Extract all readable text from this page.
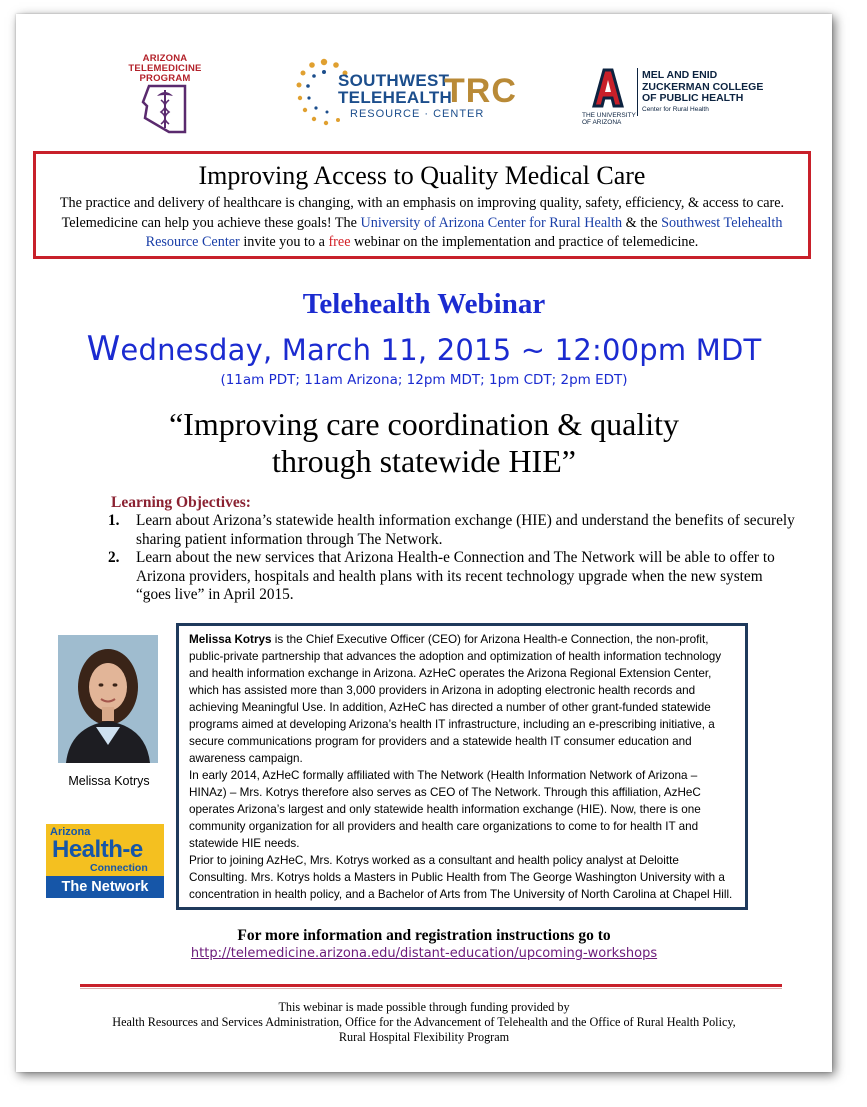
ARIZONA
TELEMEDICINE
PROGRAM	SOUTHWEST
TELEHEALTH
TRC
RESOURCE · CENTER	THE UNIVERSITY
OF ARIZONA
MEL AND ENID
ZUCKERMAN COLLEGE
OF PUBLIC HEALTH
Center for Rural Health
Improving Access to Quality Medical Care

The practice and delivery of healthcare is changing, with an emphasis on improving quality, safety, efficiency, & access to care. Telemedicine can help you achieve these goals! The University of Arizona Center for Rural Health & the Southwest Telehealth Resource Center invite you to a free webinar on the implementation and practice of telemedicine.

Telehealth Webinar
Wednesday, March 11, 2015 ~ 12:00pm MDT
(11am PDT; 11am Arizona; 12pm MDT; 1pm CDT; 2pm EDT)
“Improving care coordination & quality
through statewide HIE”
Learning Objectives:
1. Learn about Arizona’s statewide health information exchange (HIE) and understand the benefits of securely sharing patient information through The Network.
2. Learn about the new services that Arizona Health-e Connection and The Network will be able to offer to Arizona providers, hospitals and health plans with its recent technology upgrade when the new system “goes live” in April 2015.
Melissa Kotrys
Arizona
Health-e
Connection
The Network

Melissa Kotrys is the Chief Executive Officer (CEO) for Arizona Health-e Connection, the non-profit, public-private partnership that advances the adoption and optimization of health information technology and health information exchange in Arizona. AzHeC operates the Arizona Regional Extension Center, which has assisted more than 3,000 providers in Arizona in adopting electronic health records and achieving Meaningful Use. In addition, AzHeC has directed a number of other grant-funded statewide programs aimed at developing Arizona’s health IT infrastructure, including an e-prescribing initiative, a secure communications program for providers and a statewide health IT consumer education and awareness campaign.

In early 2014, AzHeC formally affiliated with The Network (Health Information Network of Arizona – HINAz) – Mrs. Kotrys therefore also serves as CEO of The Network. Through this affiliation, AzHeC operates Arizona’s largest and only statewide health information exchange (HIE). Now, there is one community organization for all providers and health care organizations to come to for health IT and statewide HIE needs.

Prior to joining AzHeC, Mrs. Kotrys worked as a consultant and health policy analyst at Deloitte Consulting. Mrs. Kotrys holds a Masters in Public Health from The George Washington University with a concentration in health policy, and a Bachelor of Arts from The University of North Carolina at Chapel Hill.

For more information and registration instructions go to
http://telemedicine.arizona.edu/distant-education/upcoming-workshops
This webinar is made possible through funding provided by
Health Resources and Services Administration, Office for the Advancement of Telehealth and the Office of Rural Health Policy,
Rural Hospital Flexibility Program
